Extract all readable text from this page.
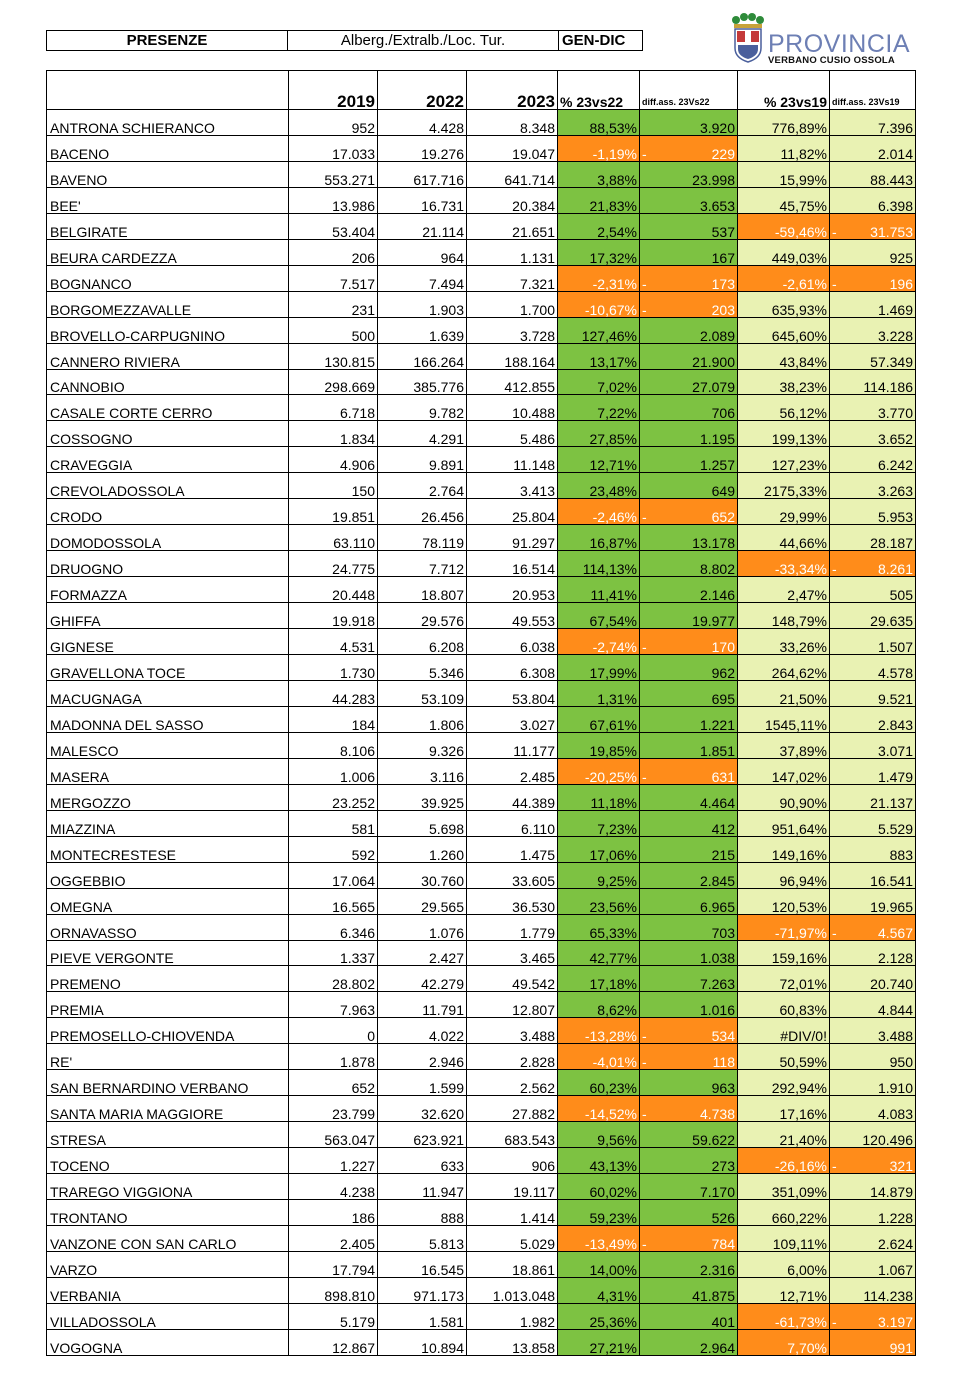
PRESENZE	Alberg./Extralb./Loc. Tur.	GEN-DIC	PROVINCIA
VERBANO CUSIO OSSOLA
	2019	2022	2023	% 23vs22	diff.ass. 23Vs22	% 23vs19	diff.ass. 23Vs19
ANTRONA SCHIERANCO	952	4.428	8.348	88,53%	3.920	776,89%	7.396
BACENO	17.033	19.276	19.047	-1,19%	- 229	11,82%	2.014
BAVENO	553.271	617.716	641.714	3,88%	23.998	15,99%	88.443
BEE'	13.986	16.731	20.384	21,83%	3.653	45,75%	6.398
BELGIRATE	53.404	21.114	21.651	2,54%	537	-59,46%	- 31.753
BEURA CARDEZZA	206	964	1.131	17,32%	167	449,03%	925
BOGNANCO	7.517	7.494	7.321	-2,31%	- 173	-2,61%	- 196
BORGOMEZZAVALLE	231	1.903	1.700	-10,67%	- 203	635,93%	1.469
BROVELLO-CARPUGNINO	500	1.639	3.728	127,46%	2.089	645,60%	3.228
CANNERO RIVIERA	130.815	166.264	188.164	13,17%	21.900	43,84%	57.349
CANNOBIO	298.669	385.776	412.855	7,02%	27.079	38,23%	114.186
CASALE CORTE CERRO	6.718	9.782	10.488	7,22%	706	56,12%	3.770
COSSOGNO	1.834	4.291	5.486	27,85%	1.195	199,13%	3.652
CRAVEGGIA	4.906	9.891	11.148	12,71%	1.257	127,23%	6.242
CREVOLADOSSOLA	150	2.764	3.413	23,48%	649	2175,33%	3.263
CRODO	19.851	26.456	25.804	-2,46%	- 652	29,99%	5.953
DOMODOSSOLA	63.110	78.119	91.297	16,87%	13.178	44,66%	28.187
DRUOGNO	24.775	7.712	16.514	114,13%	8.802	-33,34%	- 8.261
FORMAZZA	20.448	18.807	20.953	11,41%	2.146	2,47%	505
GHIFFA	19.918	29.576	49.553	67,54%	19.977	148,79%	29.635
GIGNESE	4.531	6.208	6.038	-2,74%	- 170	33,26%	1.507
GRAVELLONA TOCE	1.730	5.346	6.308	17,99%	962	264,62%	4.578
MACUGNAGA	44.283	53.109	53.804	1,31%	695	21,50%	9.521
MADONNA DEL SASSO	184	1.806	3.027	67,61%	1.221	1545,11%	2.843
MALESCO	8.106	9.326	11.177	19,85%	1.851	37,89%	3.071
MASERA	1.006	3.116	2.485	-20,25%	- 631	147,02%	1.479
MERGOZZO	23.252	39.925	44.389	11,18%	4.464	90,90%	21.137
MIAZZINA	581	5.698	6.110	7,23%	412	951,64%	5.529
MONTECRESTESE	592	1.260	1.475	17,06%	215	149,16%	883
OGGEBBIO	17.064	30.760	33.605	9,25%	2.845	96,94%	16.541
OMEGNA	16.565	29.565	36.530	23,56%	6.965	120,53%	19.965
ORNAVASSO	6.346	1.076	1.779	65,33%	703	-71,97%	- 4.567
PIEVE VERGONTE	1.337	2.427	3.465	42,77%	1.038	159,16%	2.128
PREMENO	28.802	42.279	49.542	17,18%	7.263	72,01%	20.740
PREMIA	7.963	11.791	12.807	8,62%	1.016	60,83%	4.844
PREMOSELLO-CHIOVENDA	0	4.022	3.488	-13,28%	- 534	#DIV/0!	3.488
RE'	1.878	2.946	2.828	-4,01%	- 118	50,59%	950
SAN BERNARDINO VERBANO	652	1.599	2.562	60,23%	963	292,94%	1.910
SANTA MARIA MAGGIORE	23.799	32.620	27.882	-14,52%	- 4.738	17,16%	4.083
STRESA	563.047	623.921	683.543	9,56%	59.622	21,40%	120.496
TOCENO	1.227	633	906	43,13%	273	-26,16%	- 321
TRAREGO VIGGIONA	4.238	11.947	19.117	60,02%	7.170	351,09%	14.879
TRONTANO	186	888	1.414	59,23%	526	660,22%	1.228
VANZONE CON SAN CARLO	2.405	5.813	5.029	-13,49%	- 784	109,11%	2.624
VARZO	17.794	16.545	18.861	14,00%	2.316	6,00%	1.067
VERBANIA	898.810	971.173	1.013.048	4,31%	41.875	12,71%	114.238
VILLADOSSOLA	5.179	1.581	1.982	25,36%	401	-61,73%	- 3.197
VOGOGNA	12.867	10.894	13.858	27,21%	2.964	7,70%	991
